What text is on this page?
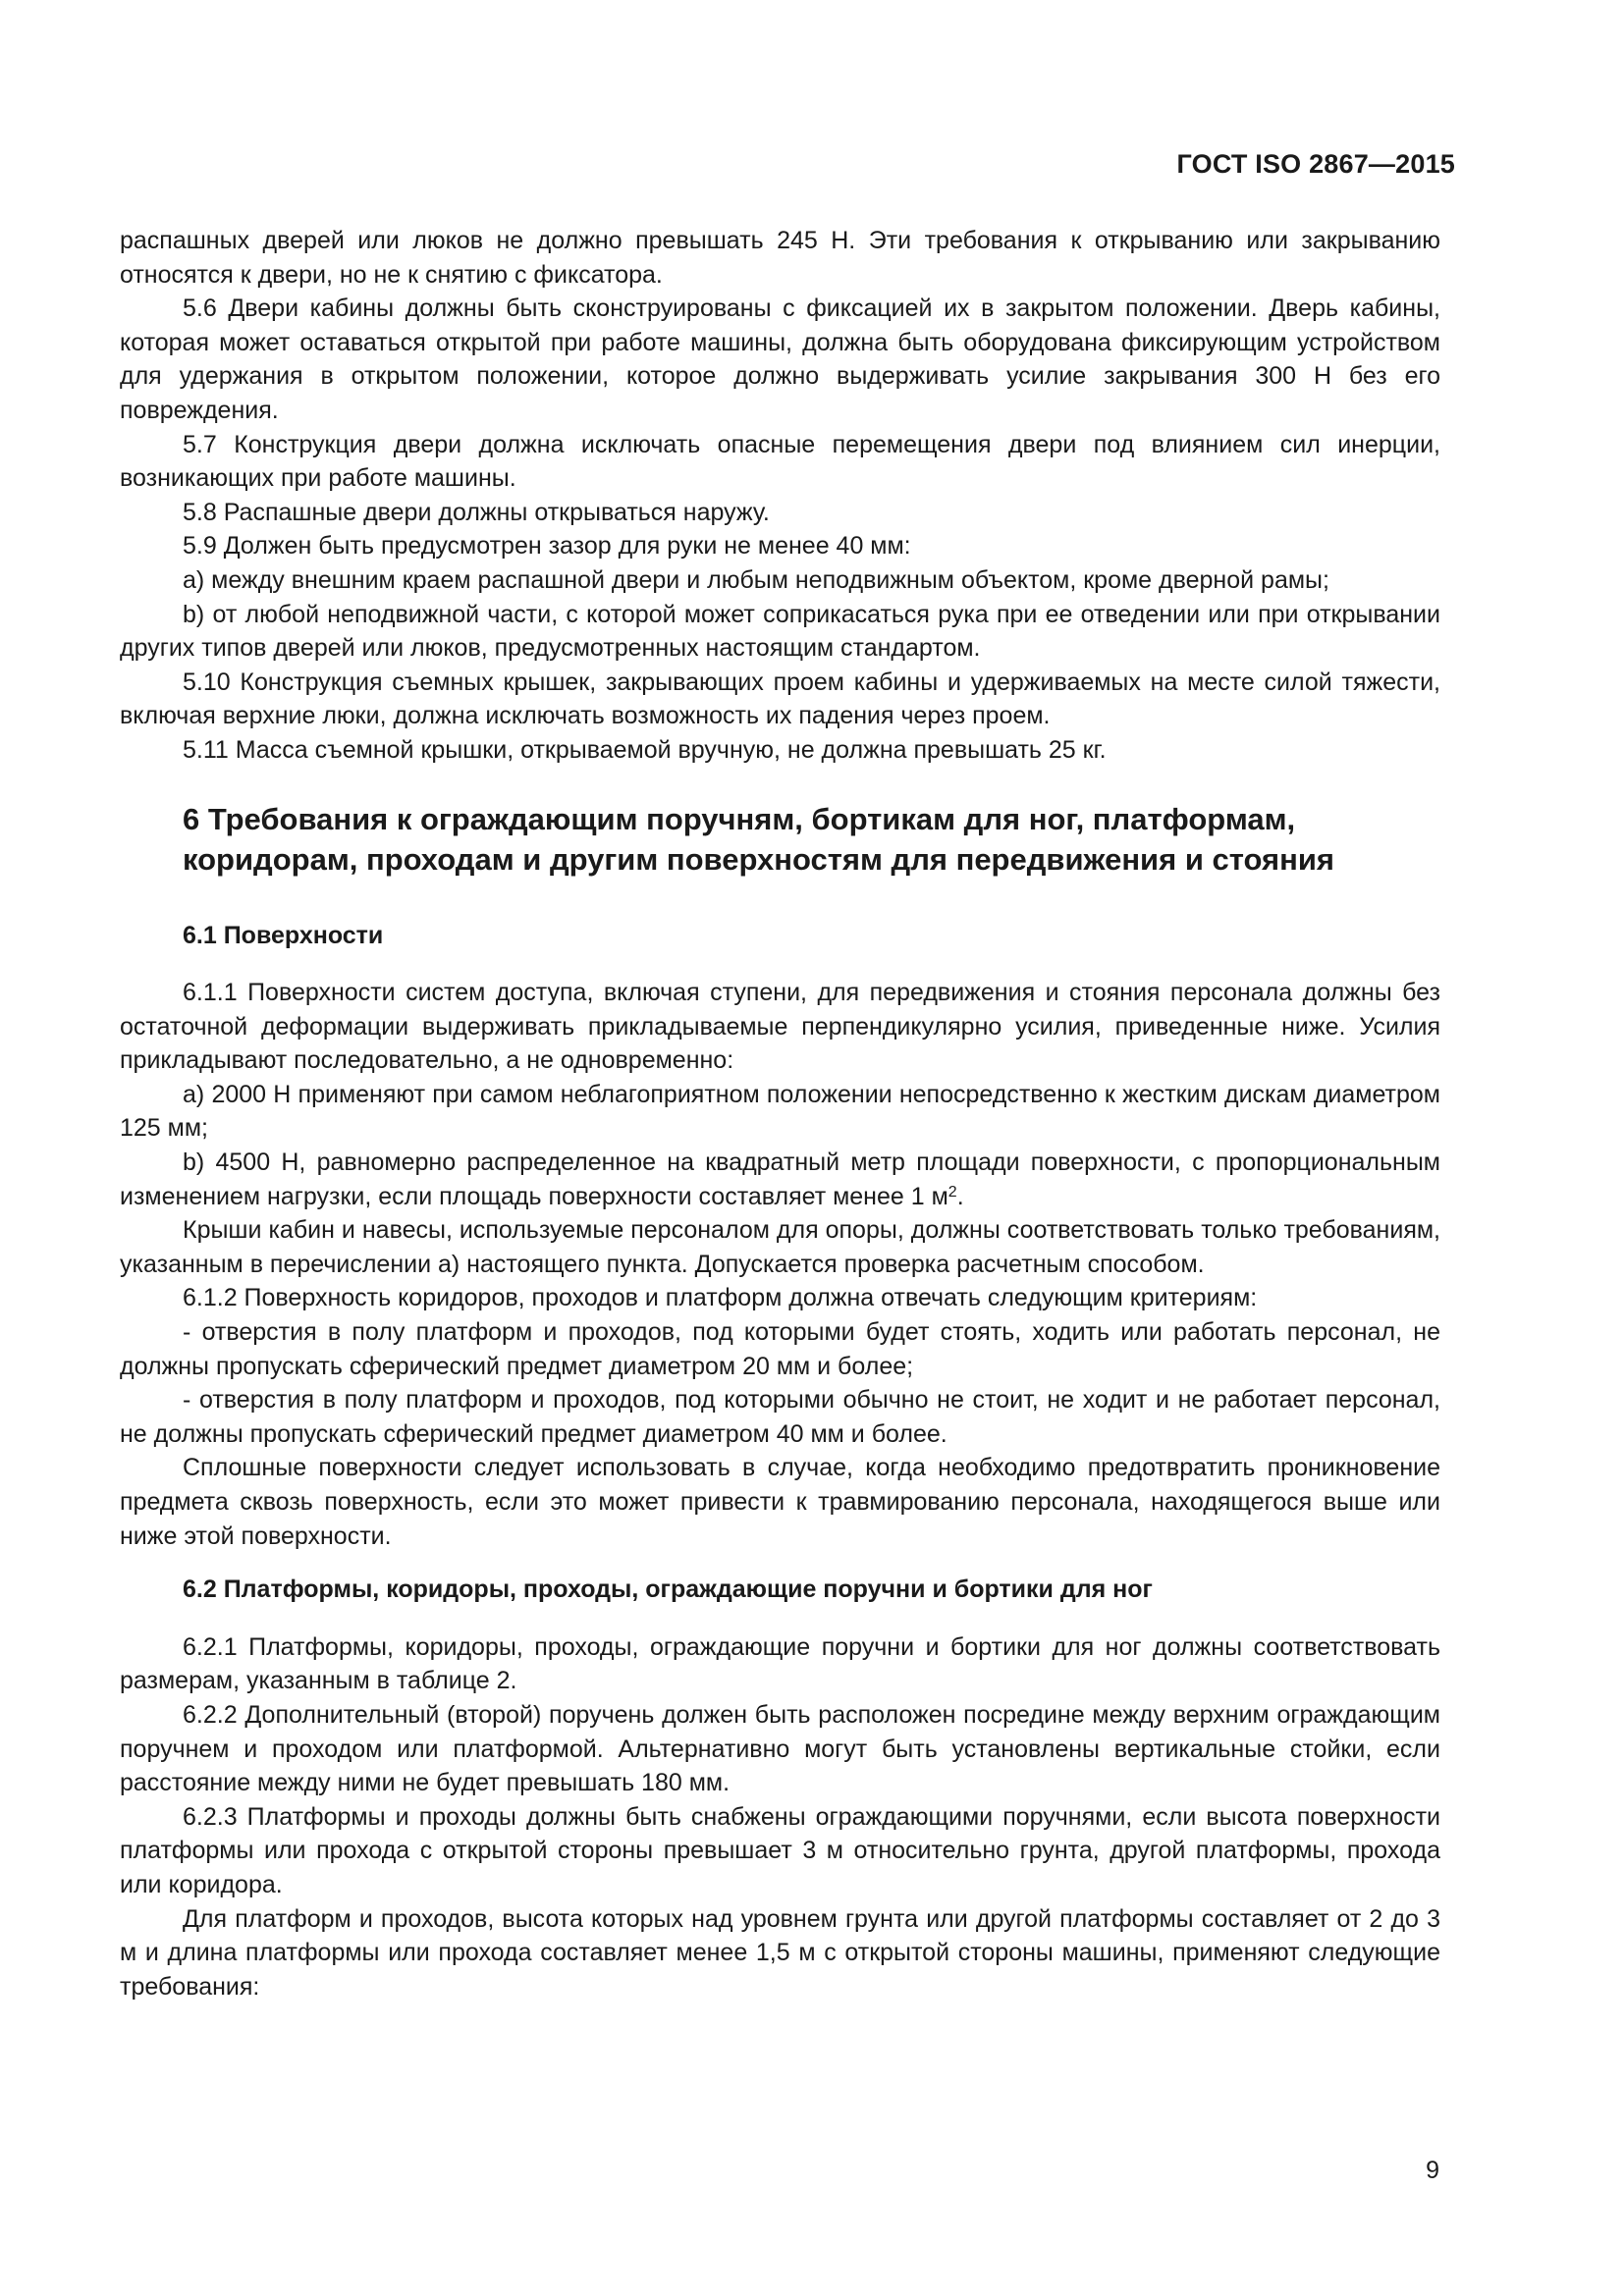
ГОСТ ISO 2867—2015

распашных дверей или люков не должно превышать 245 Н. Эти требования к открыванию или закрыванию относятся к двери, но не к снятию с фиксатора.

5.6 Двери кабины должны быть сконструированы с фиксацией их в закрытом положении. Дверь кабины, которая может оставаться открытой при работе машины, должна быть оборудована фиксирующим устройством для удержания в открытом положении, которое должно выдерживать усилие закрывания 300 Н без его повреждения.

5.7 Конструкция двери должна исключать опасные перемещения двери под влиянием сил инерции, возникающих при работе машины.

5.8 Распашные двери должны открываться наружу.

5.9 Должен быть предусмотрен зазор для руки не менее 40 мм:

а) между внешним краем распашной двери и любым неподвижным объектом, кроме дверной рамы;

b) от любой неподвижной части, с которой может соприкасаться рука при ее отведении или при открывании других типов дверей или люков, предусмотренных настоящим стандартом.

5.10 Конструкция съемных крышек, закрывающих проем кабины и удерживаемых на месте силой тяжести, включая верхние люки, должна исключать возможность их падения через проем.

5.11 Масса съемной крышки, открываемой вручную, не должна превышать 25 кг.

6 Требования к ограждающим поручням, бортикам для ног, платформам, коридорам, проходам и другим поверхностям для передвижения и стояния

6.1 Поверхности

6.1.1 Поверхности систем доступа, включая ступени, для передвижения и стояния персонала должны без остаточной деформации выдерживать прикладываемые перпендикулярно усилия, приведенные ниже. Усилия прикладывают последовательно, а не одновременно:

а) 2000 Н применяют при самом неблагоприятном положении непосредственно к жестким дискам диаметром 125 мм;

b) 4500 Н, равномерно распределенное на квадратный метр площади поверхности, с пропорциональным изменением нагрузки, если площадь поверхности составляет менее 1 $м^2$.

Крыши кабин и навесы, используемые персоналом для опоры, должны соответствовать только требованиям, указанным в перечислении а) настоящего пункта. Допускается проверка расчетным способом.

6.1.2 Поверхность коридоров, проходов и платформ должна отвечать следующим критериям:

- отверстия в полу платформ и проходов, под которыми будет стоять, ходить или работать персонал, не должны пропускать сферический предмет диаметром 20 мм и более;

- отверстия в полу платформ и проходов, под которыми обычно не стоит, не ходит и не работает персонал, не должны пропускать сферический предмет диаметром 40 мм и более.

Сплошные поверхности следует использовать в случае, когда необходимо предотвратить проникновение предмета сквозь поверхность, если это может привести к травмированию персонала, находящегося выше или ниже этой поверхности.

6.2 Платформы, коридоры, проходы, ограждающие поручни и бортики для ног

6.2.1 Платформы, коридоры, проходы, ограждающие поручни и бортики для ног должны соответствовать размерам, указанным в таблице 2.

6.2.2 Дополнительный (второй) поручень должен быть расположен посредине между верхним ограждающим поручнем и проходом или платформой. Альтернативно могут быть установлены вертикальные стойки, если расстояние между ними не будет превышать 180 мм.

6.2.3 Платформы и проходы должны быть снабжены ограждающими поручнями, если высота поверхности платформы или прохода с открытой стороны превышает 3 м относительно грунта, другой платформы, прохода или коридора.

Для платформ и проходов, высота которых над уровнем грунта или другой платформы составляет от 2 до 3 м и длина платформы или прохода составляет менее 1,5 м с открытой стороны машины, применяют следующие требования:

9
